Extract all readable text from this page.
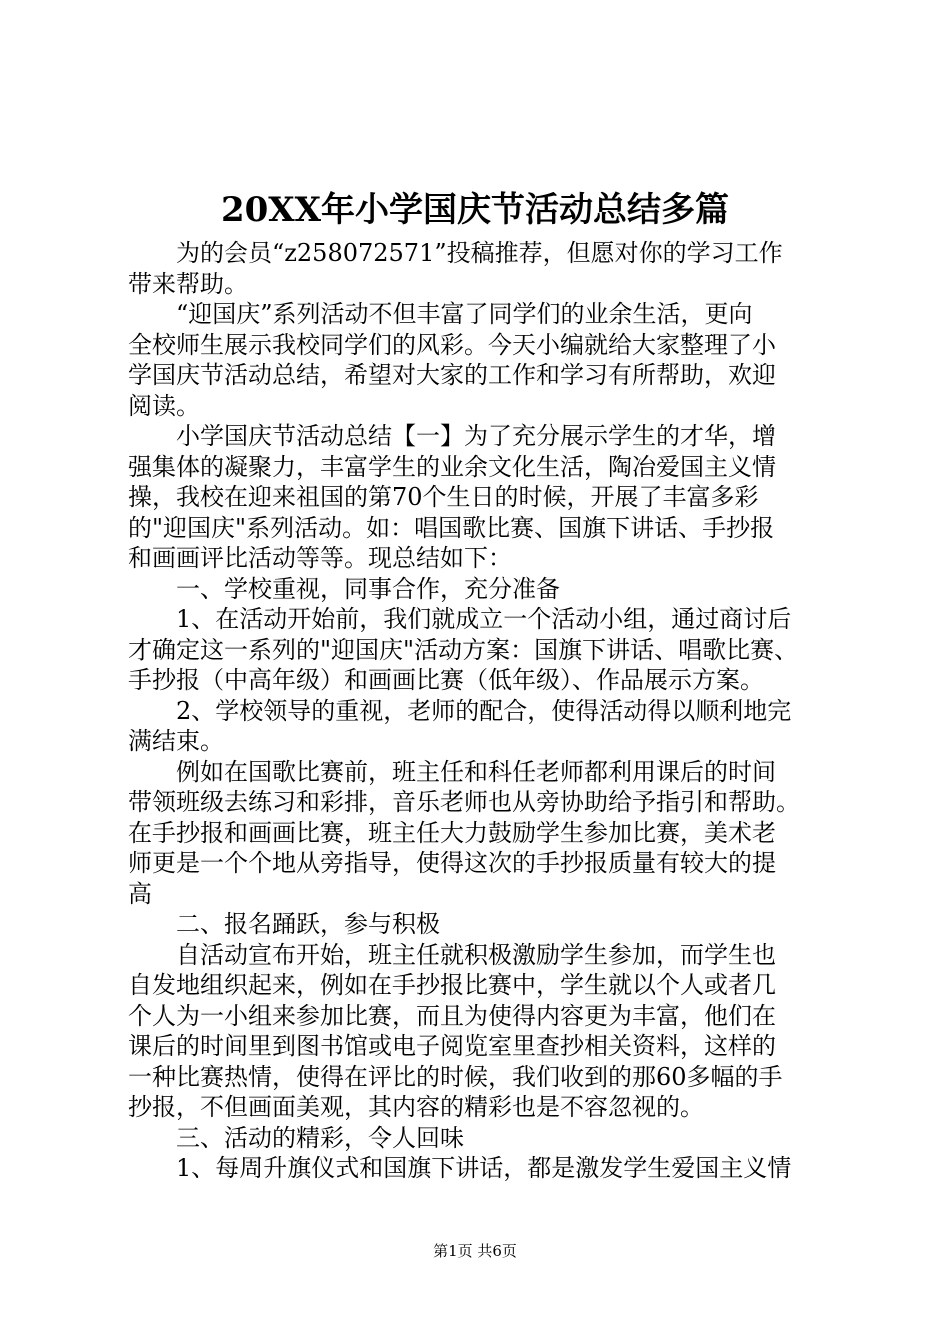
20XX年小学国庆节活动总结多篇
　　为的会员“z258072571”投稿推荐，但愿对你的学习工作
带来帮助。
　　“迎国庆”系列活动不但丰富了同学们的业余生活，更向
全校师生展示我校同学们的风彩。今天小编就给大家整理了小
学国庆节活动总结，希望对大家的工作和学习有所帮助，欢迎
阅读。
　　小学国庆节活动总结【一】为了充分展示学生的才华，增
强集体的凝聚力，丰富学生的业余文化生活，陶冶爱国主义情
操，我校在迎来祖国的第70个生日的时候，开展了丰富多彩
的"迎国庆"系列活动。如：唱国歌比赛、国旗下讲话、手抄报
和画画评比活动等等。现总结如下：
　　一、学校重视，同事合作，充分准备
　　1、在活动开始前，我们就成立一个活动小组，通过商讨后
才确定这一系列的"迎国庆"活动方案：国旗下讲话、唱歌比赛、
手抄报（中高年级）和画画比赛（低年级）、作品展示方案。
　　2、学校领导的重视，老师的配合，使得活动得以顺利地完
满结束。
　　例如在国歌比赛前，班主任和科任老师都利用课后的时间
带领班级去练习和彩排，音乐老师也从旁协助给予指引和帮助。
在手抄报和画画比赛，班主任大力鼓励学生参加比赛，美术老
师更是一个个地从旁指导，使得这次的手抄报质量有较大的提
高
　　二、报名踊跃，参与积极
　　自活动宣布开始，班主任就积极激励学生参加，而学生也
自发地组织起来，例如在手抄报比赛中，学生就以个人或者几
个人为一小组来参加比赛，而且为使得内容更为丰富，他们在
课后的时间里到图书馆或电子阅览室里查抄相关资料，这样的
一种比赛热情，使得在评比的时候，我们收到的那60多幅的手
抄报，不但画面美观，其内容的精彩也是不容忽视的。
　　三、活动的精彩，令人回味
　　1、每周升旗仪式和国旗下讲话，都是激发学生爱国主义情
第1页 共6页
